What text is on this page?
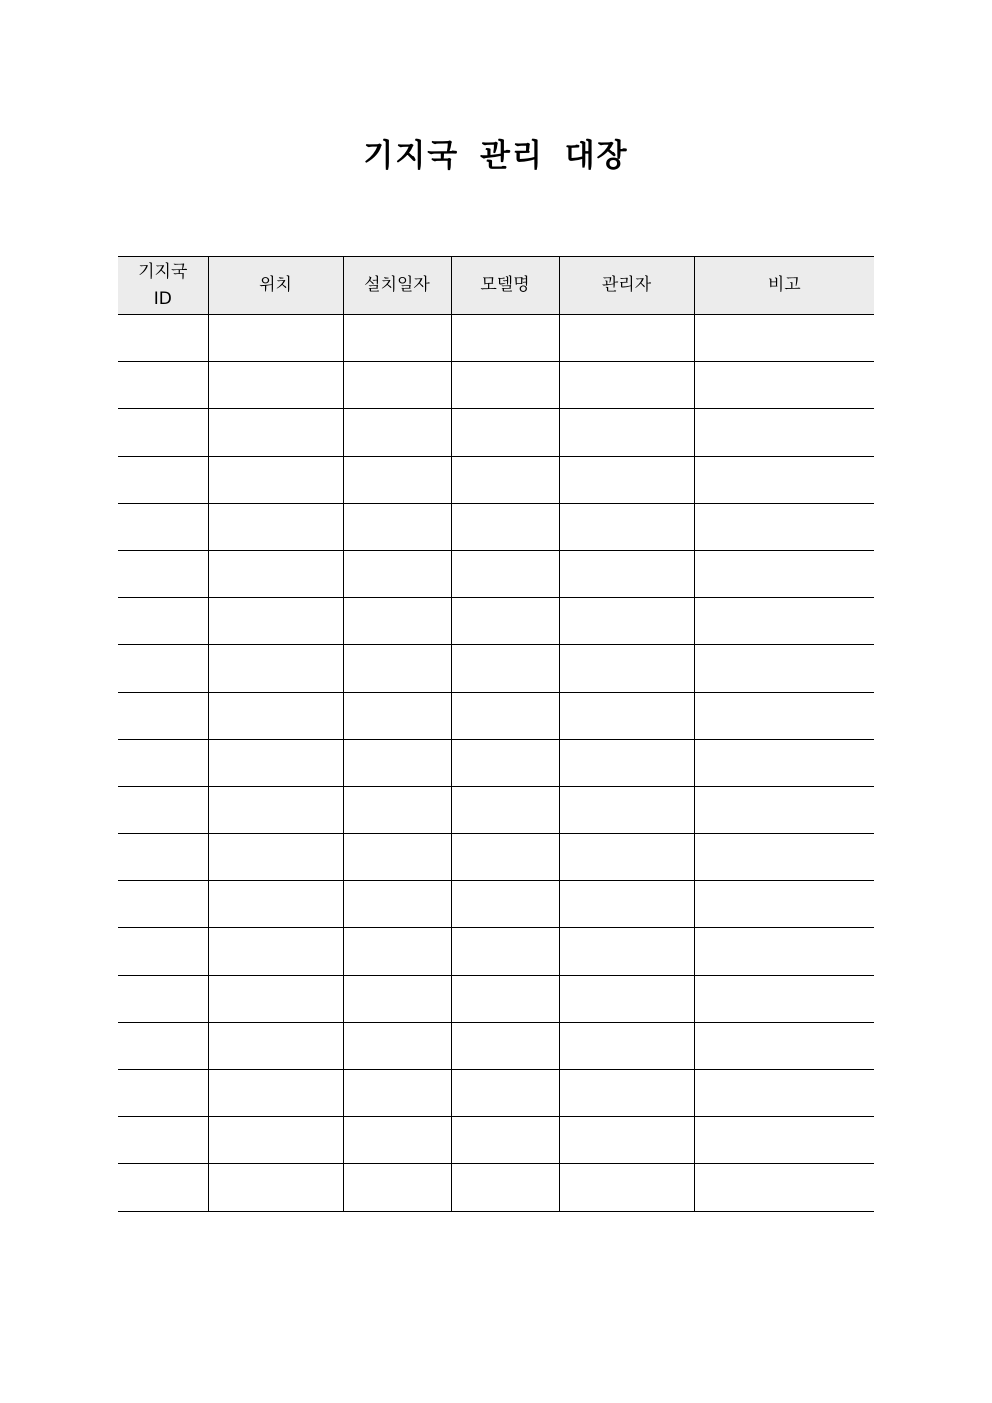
기지국 관리 대장
기지국
ID	위치	설치일자	모델명	관리자	비고
